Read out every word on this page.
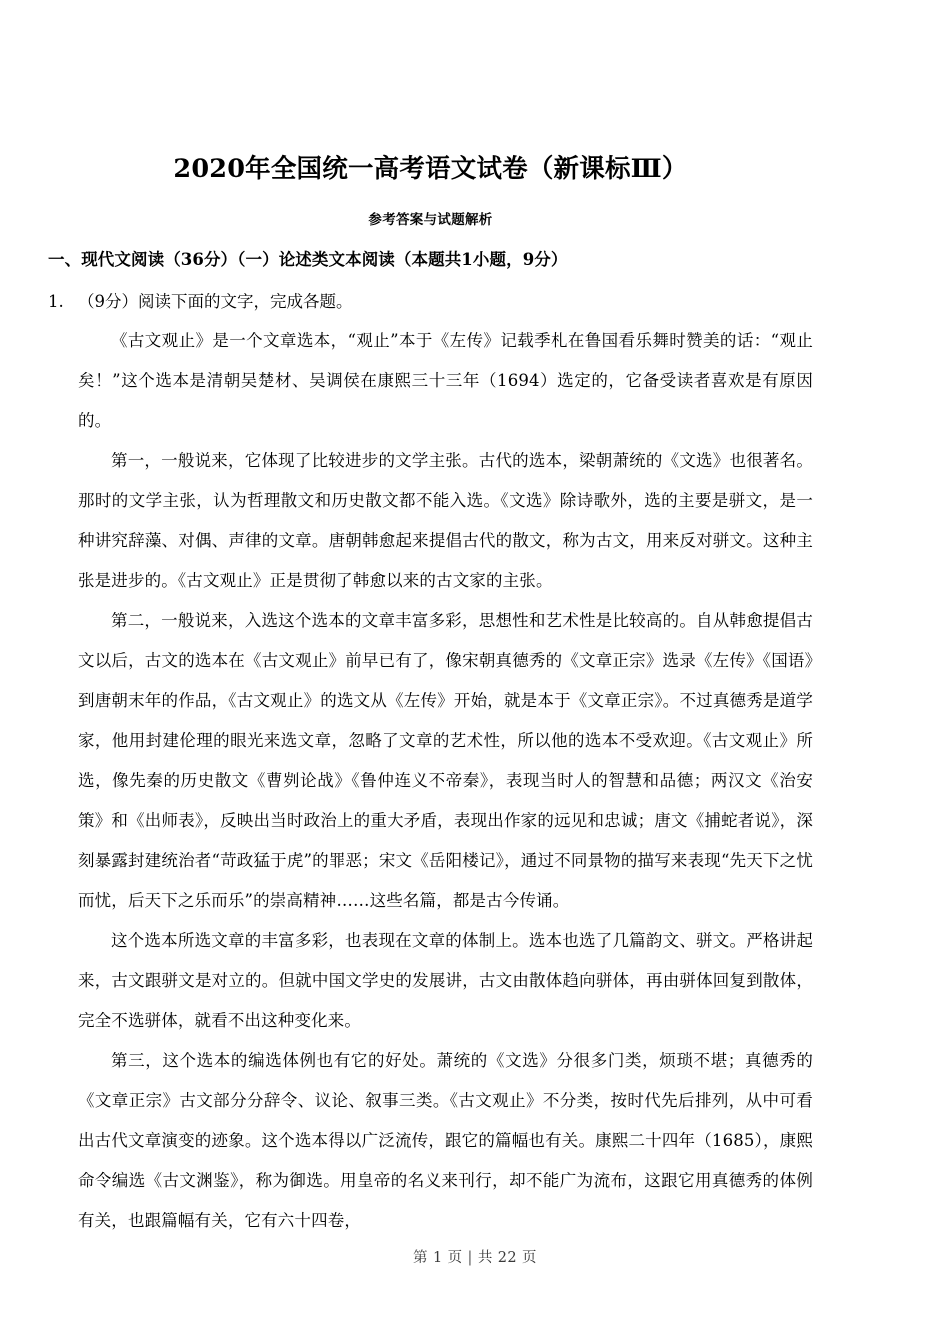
2020年全国统一高考语文试卷（新课标Ⅲ）
参考答案与试题解析
一、现代文阅读（36分）（一）论述类文本阅读（本题共1小题，9分）
1. （9分）阅读下面的文字，完成各题。

《古文观止》是一个文章选本，“观止”本于《左传》记载季札在鲁国看乐舞时赞美的话：“观止矣！”这个选本是清朝吴楚材、吴调侯在康熙三十三年（1694）选定的，它备受读者喜欢是有原因的。

第一，一般说来，它体现了比较进步的文学主张。古代的选本，梁朝萧统的《文选》也很著名。那时的文学主张，认为哲理散文和历史散文都不能入选。《文选》除诗歌外，选的主要是骈文，是一种讲究辞藻、对偶、声律的文章。唐朝韩愈起来提倡古代的散文，称为古文，用来反对骈文。这种主张是进步的。《古文观止》正是贯彻了韩愈以来的古文家的主张。

第二，一般说来，入选这个选本的文章丰富多彩，思想性和艺术性是比较高的。自从韩愈提倡古文以后，古文的选本在《古文观止》前早已有了，像宋朝真德秀的《文章正宗》选录《左传》《国语》到唐朝末年的作品，《古文观止》的选文从《左传》开始，就是本于《文章正宗》。不过真德秀是道学家，他用封建伦理的眼光来选文章，忽略了文章的艺术性，所以他的选本不受欢迎。《古文观止》所选，像先秦的历史散文《曹刿论战》《鲁仲连义不帝秦》，表现当时人的智慧和品德；两汉文《治安策》和《出师表》，反映出当时政治上的重大矛盾，表现出作家的远见和忠诚；唐文《捕蛇者说》，深刻暴露封建统治者“苛政猛于虎”的罪恶；宋文《岳阳楼记》，通过不同景物的描写来表现“先天下之忧而忧，后天下之乐而乐”的崇高精神……这些名篇，都是古今传诵。

这个选本所选文章的丰富多彩，也表现在文章的体制上。选本也选了几篇韵文、骈文。严格讲起来，古文跟骈文是对立的。但就中国文学史的发展讲，古文由散体趋向骈体，再由骈体回复到散体，完全不选骈体，就看不出这种变化来。

第三，这个选本的编选体例也有它的好处。萧统的《文选》分很多门类，烦琐不堪；真德秀的《文章正宗》古文部分分辞令、议论、叙事三类。《古文观止》不分类，按时代先后排列，从中可看出古代文章演变的迹象。这个选本得以广泛流传，跟它的篇幅也有关。康熙二十四年（1685），康熙命令编选《古文渊鉴》，称为御选。用皇帝的名义来刊行，却不能广为流布，这跟它用真德秀的体例有关，也跟篇幅有关，它有六十四卷，

第 1 页 | 共 22 页
